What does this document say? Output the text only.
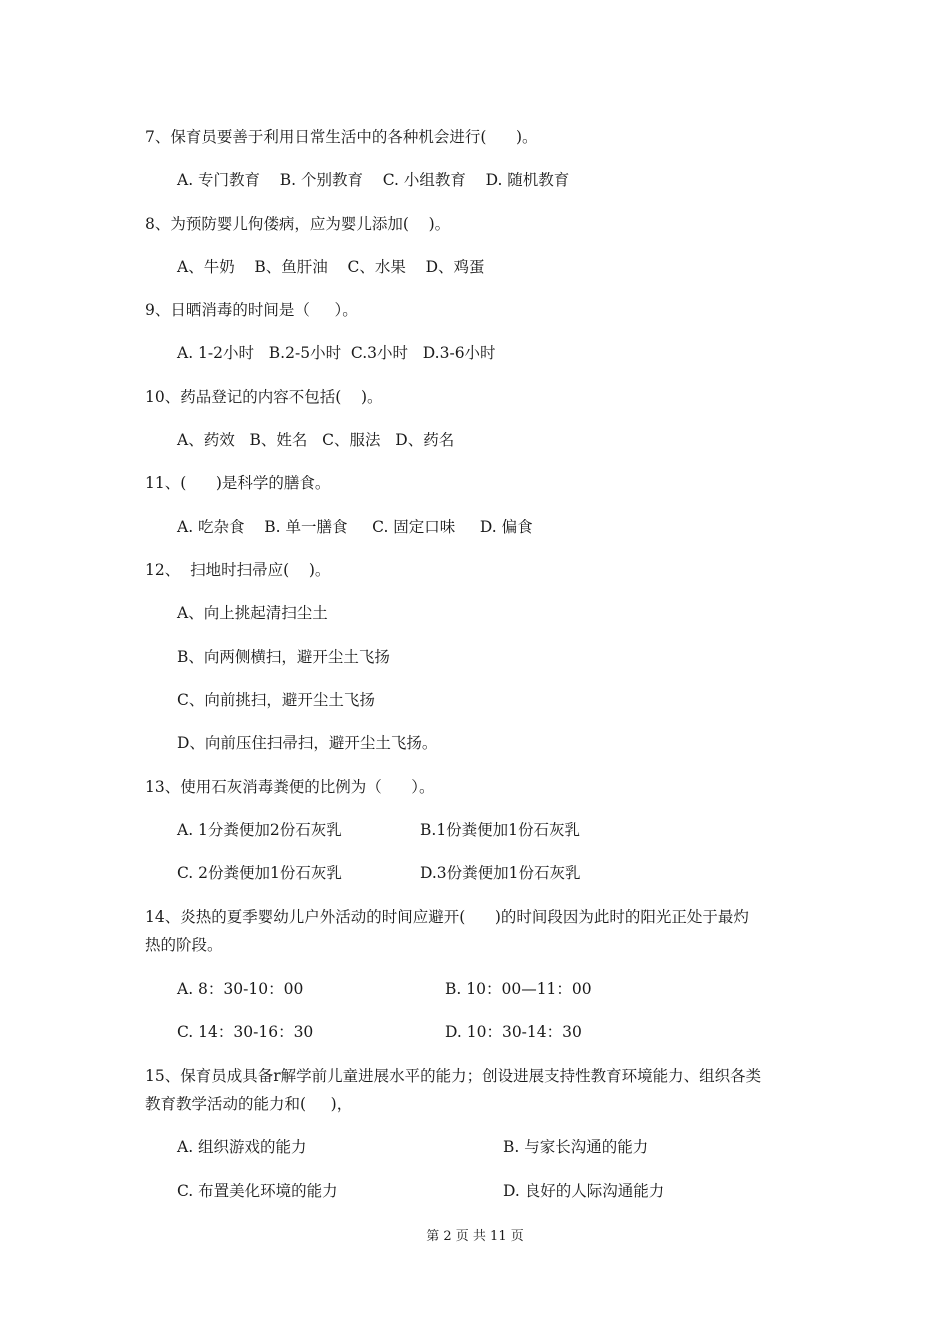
7、保育员要善于利用日常生活中的各种机会进行(      )。
A. 专门教育    B. 个别教育    C. 小组教育    D. 随机教育
8、为预防婴儿佝偻病，应为婴儿添加(    )。
A、牛奶    B、鱼肝油    C、水果    D、鸡蛋
9、日晒消毒的时间是（     ）。
A. 1-2小时   B.2-5小时  C.3小时   D.3-6小时
10、药品登记的内容不包括(    )。
A、药效   B、姓名   C、服法   D、药名
11、(      )是科学的膳食。
A. 吃杂食    B. 单一膳食     C. 固定口味     D. 偏食
12、  扫地时扫帚应(    )。
A、向上挑起清扫尘土
B、向两侧横扫，避开尘土飞扬
C、向前挑扫，避开尘土飞扬
D、向前压住扫帚扫，避开尘土飞扬。
13、使用石灰消毒粪便的比例为（      ）。
A. 1分粪便加2份石灰乳	B.1份粪便加1份石灰乳
C. 2份粪便加1份石灰乳	D.3份粪便加1份石灰乳
14、炎热的夏季婴幼儿户外活动的时间应避开(      )的时间段因为此时的阳光正处于最灼
热的阶段。
A. 8：30-10：00	B. 10：00—11：00
C. 14：30-16：30	D. 10：30-14：30
15、保育员成具备r解学前儿童进展水平的能力；创设进展支持性教育环境能力、组织各类
教育教学活动的能力和(     )，
A. 组织游戏的能力	B. 与家长沟通的能力
C. 布置美化环境的能力	D. 良好的人际沟通能力
第 2 页 共 11 页
